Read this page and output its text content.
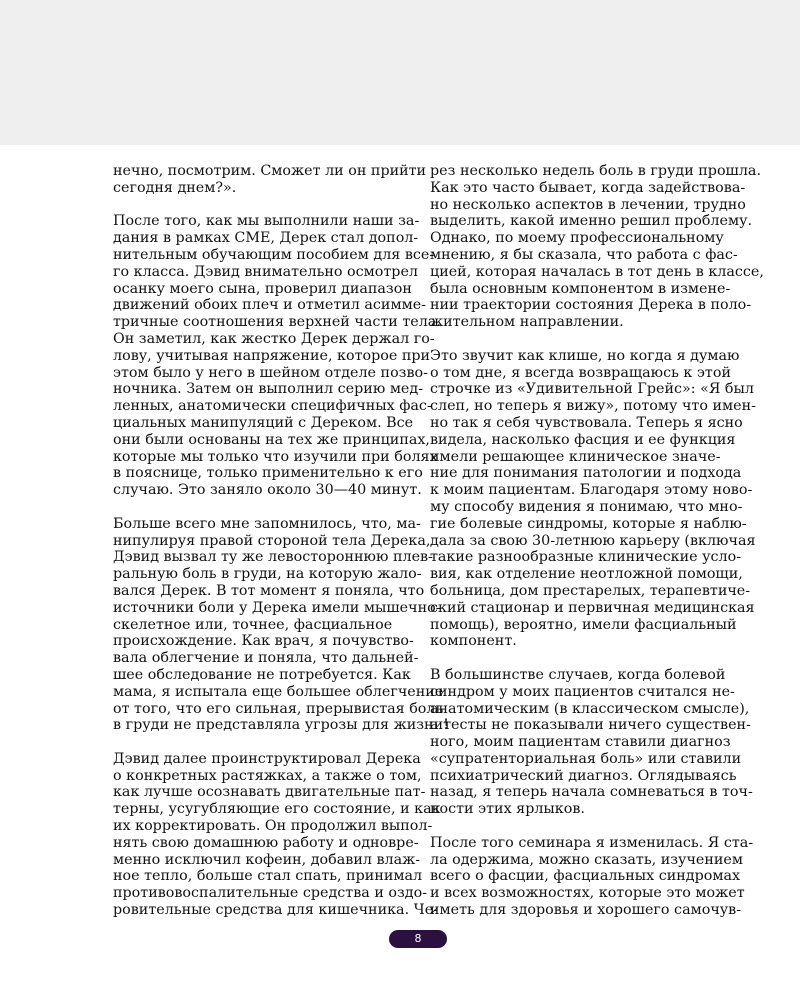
нечно, посмотрим. Сможет ли он прийти
сегодня днем?».
После того, как мы выполнили наши за-
дания в рамках CME, Дерек стал допол-
нительным обучающим пособием для все-
го класса. Дэвид внимательно осмотрел
осанку моего сына, проверил диапазон
движений обоих плеч и отметил асимме-
тричные соотношения верхней части тела.
Он заметил, как жестко Дерек держал го-
лову, учитывая напряжение, которое при
этом было у него в шейном отделе позво-
ночника. Затем он выполнил серию мед-
ленных, анатомически специфичных фас-
циальных манипуляций с Дереком. Все
они были основаны на тех же принципах,
которые мы только что изучили при болях
в пояснице, только применительно к его
случаю. Это заняло около 30—40 минут.
Больше всего мне запомнилось, что, ма-
нипулируя правой стороной тела Дерека,
Дэвид вызвал ту же левостороннюю плев-
ральную боль в груди, на которую жало-
вался Дерек. В тот момент я поняла, что
источники боли у Дерека имели мышечно-
скелетное или, точнее, фасциальное
происхождение. Как врач, я почувство-
вала облегчение и поняла, что дальней-
шее обследование не потребуется. Как
мама, я испытала еще большее облегчение
от того, что его сильная, прерывистая боль
в груди не представляла угрозы для жизни!
Дэвид далее проинструктировал Дерека
о конкретных растяжках, а также о том,
как лучше осознавать двигательные пат-
терны, усугубляющие его состояние, и как
их корректировать. Он продолжил выпол-
нять свою домашнюю работу и одновре-
менно исключил кофеин, добавил влаж-
ное тепло, больше стал спать, принимал
противовоспалительные средства и оздо-
ровительные средства для кишечника. Че-
рез несколько недель боль в груди прошла.
Как это часто бывает, когда задействова-
но несколько аспектов в лечении, трудно
выделить, какой именно решил проблему.
Однако, по моему профессиональному
мнению, я бы сказала, что работа с фас-
цией, которая началась в тот день в классе,
была основным компонентом в измене-
нии траектории состояния Дерека в поло-
жительном направлении.
Это звучит как клише, но когда я думаю
о том дне, я всегда возвращаюсь к этой
строчке из «Удивительной Грейс»: «Я был
слеп, но теперь я вижу», потому что имен-
но так я себя чувствовала. Теперь я ясно
видела, насколько фасция и ее функция
имели решающее клиническое значе-
ние для понимания патологии и подхода
к моим пациентам. Благодаря этому ново-
му способу видения я понимаю, что мно-
гие болевые синдромы, которые я наблю-
дала за свою 30-летнюю карьеру (включая
такие разнообразные клинические усло-
вия, как отделение неотложной помощи,
больница, дом престарелых, терапевтиче-
ский стационар и первичная медицинская
помощь), вероятно, имели фасциальный
компонент.
В большинстве случаев, когда болевой
синдром у моих пациентов считался не-
анатомическим (в классическом смысле),
а тесты не показывали ничего существен-
ного, моим пациентам ставили диагноз
«супратенториальная боль» или ставили
психиатрический диагноз. Оглядываясь
назад, я теперь начала сомневаться в точ-
ности этих ярлыков.
После того семинара я изменилась. Я ста-
ла одержима, можно сказать, изучением
всего о фасции, фасциальных синдромах
и всех возможностях, которые это может
иметь для здоровья и хорошего самочув-
8
